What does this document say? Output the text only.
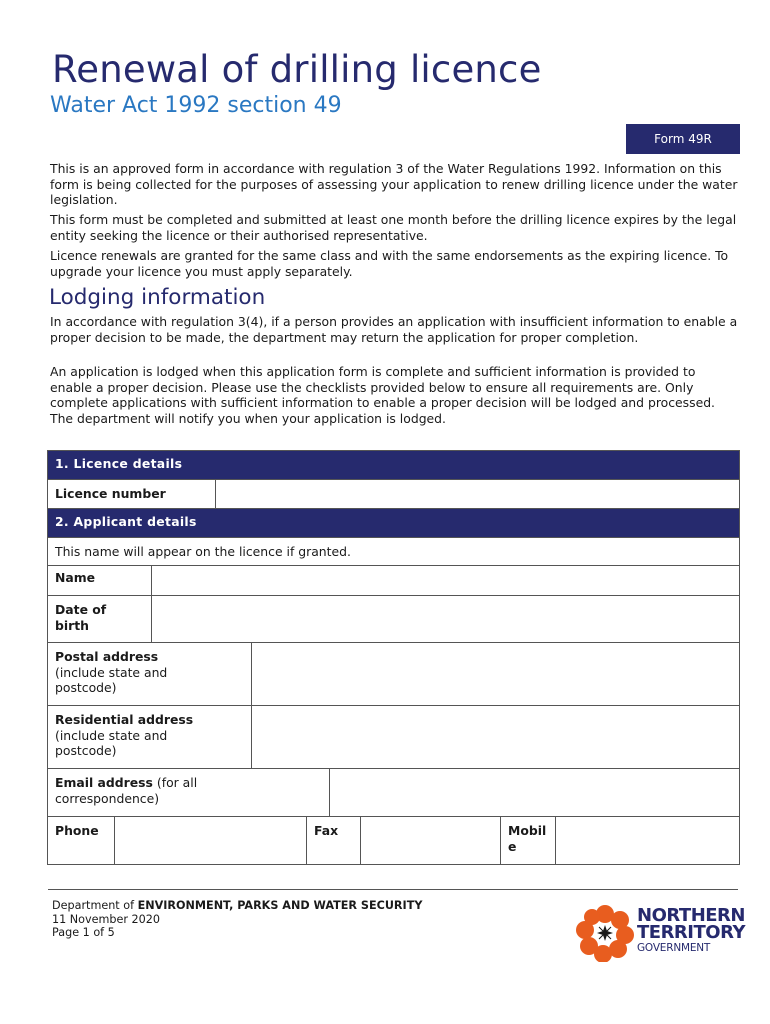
Renewal of drilling licence
Water Act 1992 section 49
Form 49R
This is an approved form in accordance with regulation 3 of the Water Regulations 1992. Information on this form is being collected for the purposes of assessing your application to renew drilling licence under the water legislation.
This form must be completed and submitted at least one month before the drilling licence expires by the legal entity seeking the licence or their authorised representative.
Licence renewals are granted for the same class and with the same endorsements as the expiring licence. To upgrade your licence you must apply separately.
Lodging information
In accordance with regulation 3(4), if a person provides an application with insufficient information to enable a proper decision to be made, the department may return the application for proper completion.
An application is lodged when this application form is complete and sufficient information is provided to enable a proper decision. Please use the checklists provided below to ensure all requirements are. Only complete applications with sufficient information to enable a proper decision will be lodged and processed. The department will notify you when your application is lodged.
1. Licence details
Licence number	
2. Applicant details								
This name will appear on the licence if granted.								
Name								

Date of
birth								

Postal address
(include state and
postcode)								

Residential address
(include state and
postcode)								

Email address (for all
correspondence)								

Phone				Fax			Mobil
e	

Department of ENVIRONMENT, PARKS AND WATER SECURITY
11 November 2020
Page 1 of 5
NORTHERN
TERRITORY
GOVERNMENT
